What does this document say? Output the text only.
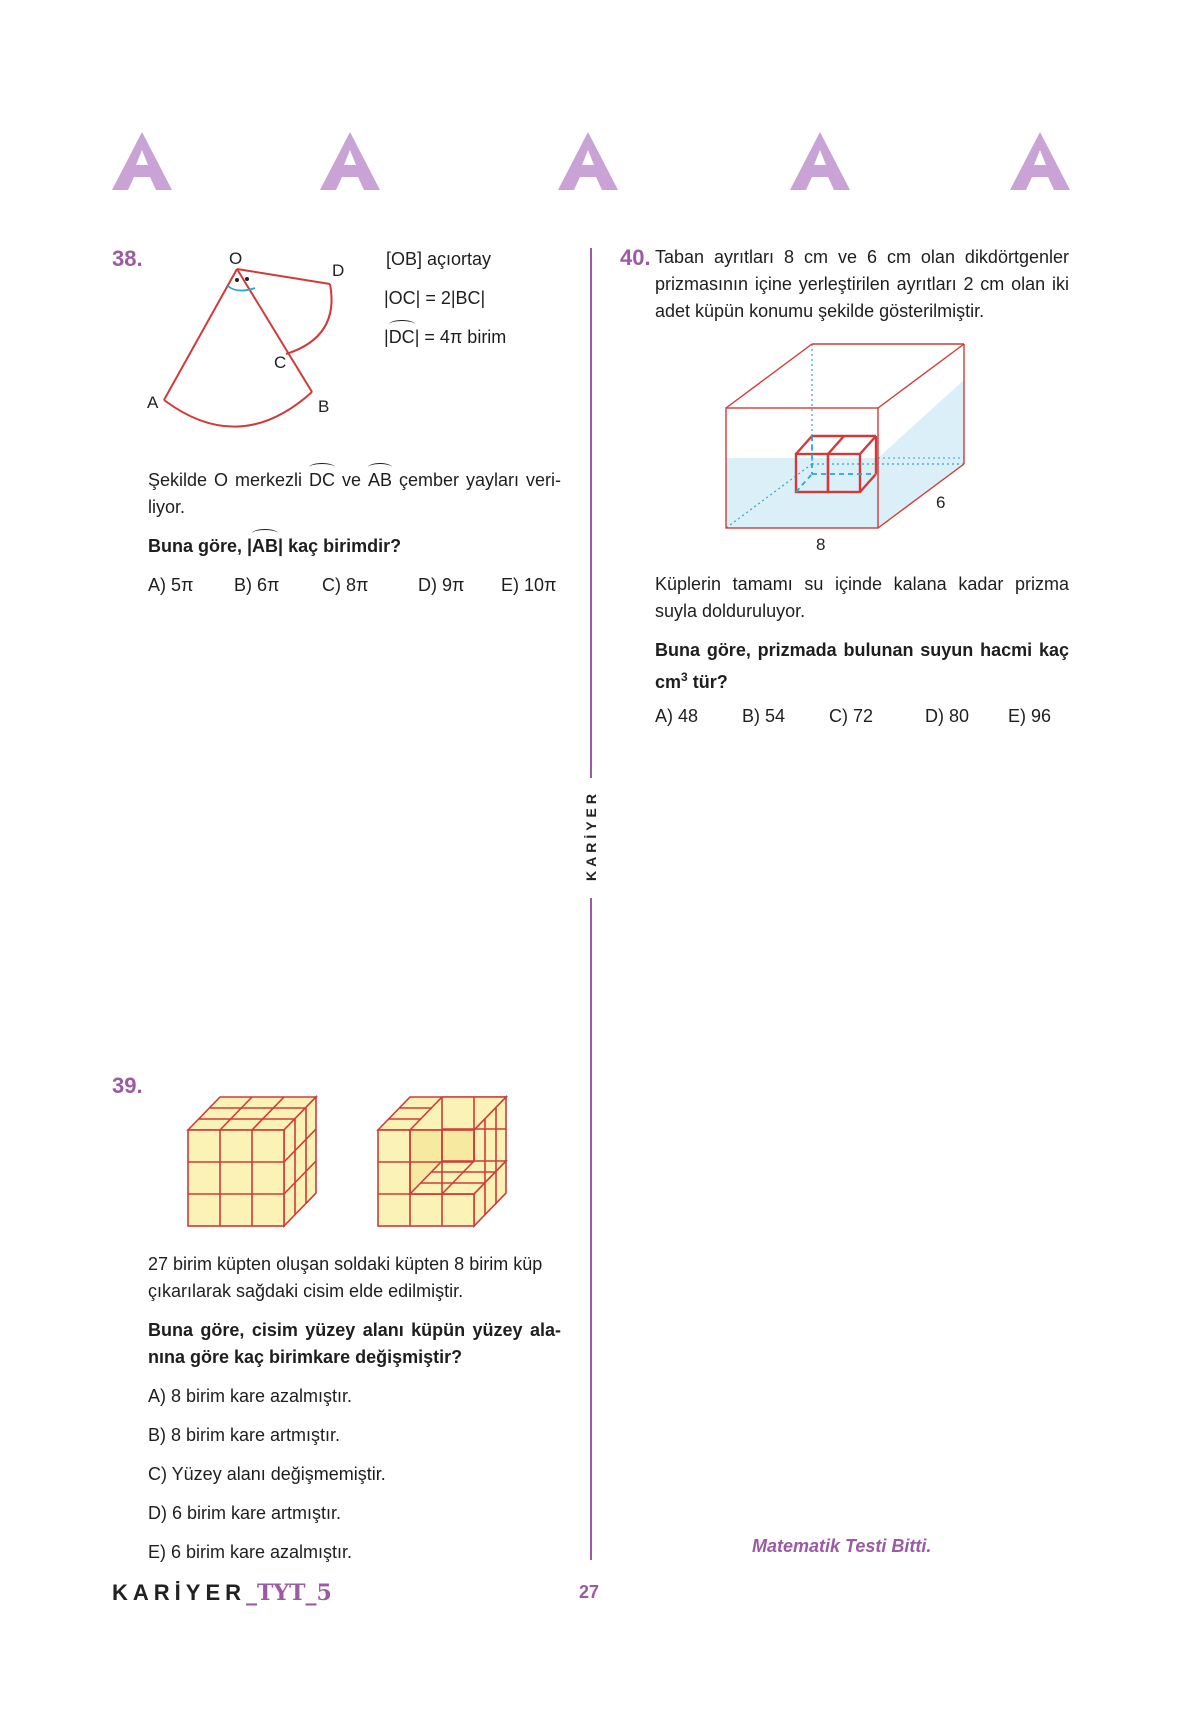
KARİYER
38.	O
D
C
A	B
[OB] açıortay
|OC| = 2|BC|
|DC| = 4π birim
Şekilde O merkezli DC ve AB çember yayları veri-liyor.
Buna göre, |AB| kaç birimdir?
A) 5π B) 6π C) 8π	D) 9π E) 10π
39.
27 birim küpten oluşan soldaki küpten 8 birim küp çıkarılarak sağdaki cisim elde edilmiştir.
Buna göre, cisim yüzey alanı küpün yüzey ala-nına göre kaç birimkare değişmiştir?
A) 8 birim kare azalmıştır.
B) 8 birim kare artmıştır.
C) Yüzey alanı değişmemiştir.
D) 6 birim kare artmıştır.
E) 6 birim kare azalmıştır.
40. Taban ayrıtları 8 cm ve 6 cm olan dikdörtgenler prizmasının içine yerleştirilen ayrıtları 2 cm olan iki adet küpün konumu şekilde gösterilmiştir.
6
8
Küplerin tamamı su içinde kalana kadar prizma suyla dolduruluyor.
Buna göre, prizmada bulunan suyun hacmi kaç $cm^3$ tür?
A) 48 B) 54 C) 72	D) 80 E) 96
Matematik Testi Bitti.
KARİYER_TYT_5	27
